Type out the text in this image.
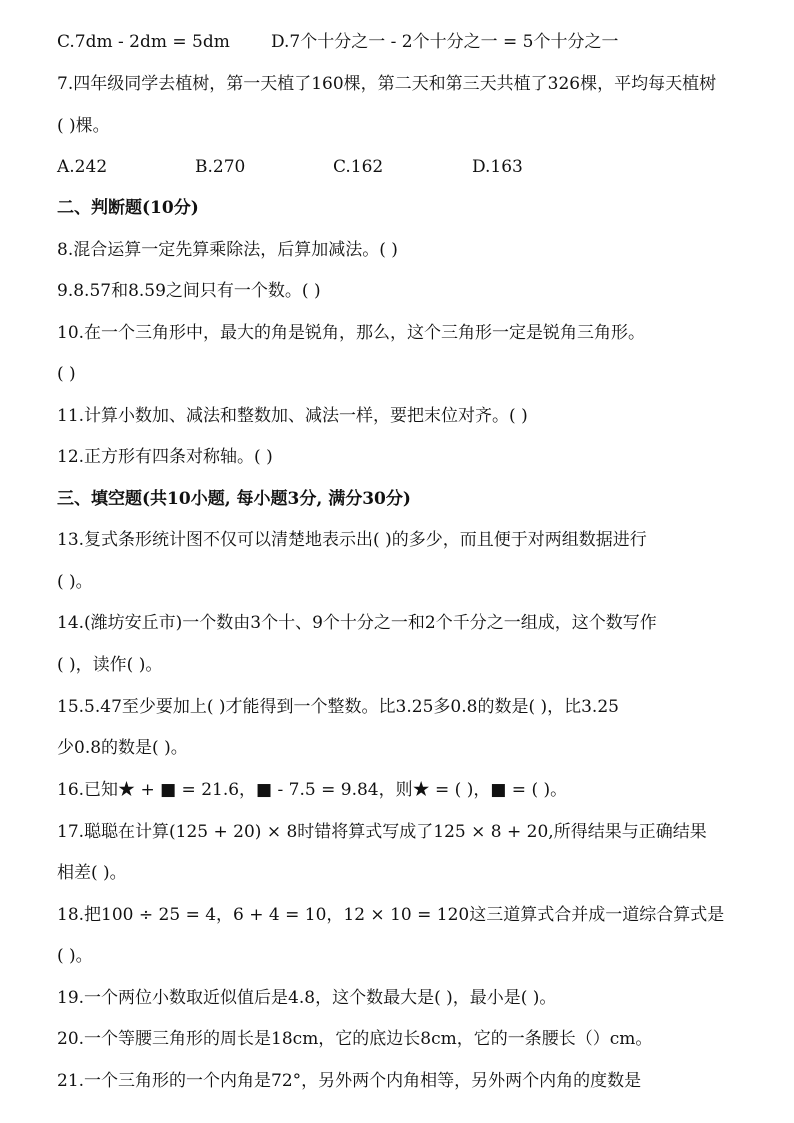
C.7dm - 2dm = 5dm D.7个十分之一 - 2个十分之一 = 5个十分之一
7.四年级同学去植树，第一天植了160棵，第二天和第三天共植了326棵，平均每天植树
( )棵。
A.242	B.270	C.162	D.163
二、判断题(10分)
8.混合运算一定先算乘除法，后算加减法。( )
9.8.57和8.59之间只有一个数。( )
10.在一个三角形中，最大的角是锐角，那么，这个三角形一定是锐角三角形。
( )
11.计算小数加、减法和整数加、减法一样，要把末位对齐。( )
12.正方形有四条对称轴。( )
三、填空题(共10小题, 每小题3分, 满分30分)
13.复式条形统计图不仅可以清楚地表示出( )的多少，而且便于对两组数据进行
( )。
14.(潍坊安丘市)一个数由3个十、9个十分之一和2个千分之一组成，这个数写作
( )，读作( )。
15.5.47至少要加上( )才能得到一个整数。比3.25多0.8的数是( )，比3.25
少0.8的数是( )。
16.已知★ + ■ = 21.6，■ - 7.5 = 9.84，则★ = ( )，■ = ( )。
17.聪聪在计算(125 + 20) × 8时错将算式写成了125 × 8 + 20,所得结果与正确结果
相差( )。
18.把100 ÷ 25 = 4，6 + 4 = 10，12 × 10 = 120这三道算式合并成一道综合算式是
( )。
19.一个两位小数取近似值后是4.8，这个数最大是( )，最小是( )。
20.一个等腰三角形的周长是18cm，它的底边长8cm，它的一条腰长（）cm。
21.一个三角形的一个内角是72°，另外两个内角相等，另外两个内角的度数是
